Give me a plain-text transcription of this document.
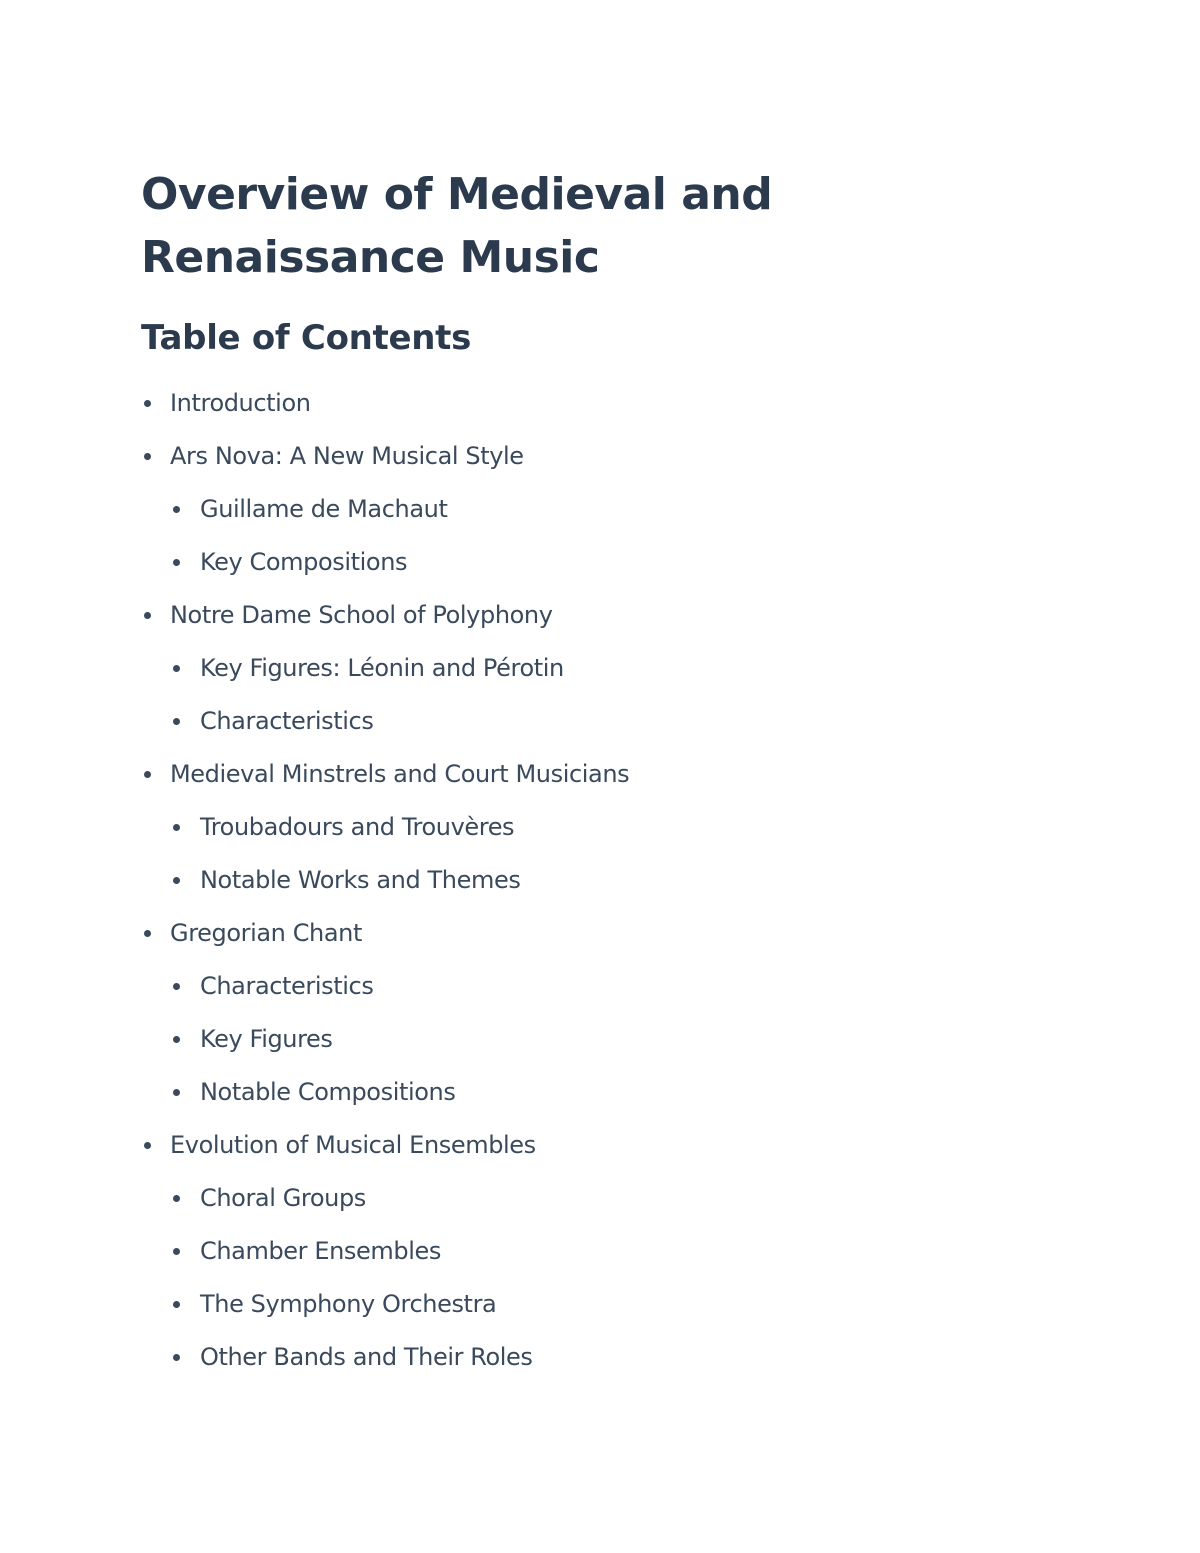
Overview of Medieval and Renaissance Music
Table of Contents
Introduction
Ars Nova: A New Musical Style
Guillame de Machaut
Key Compositions
Notre Dame School of Polyphony
Key Figures: Léonin and Pérotin
Characteristics
Medieval Minstrels and Court Musicians
Troubadours and Trouvères
Notable Works and Themes
Gregorian Chant
Characteristics
Key Figures
Notable Compositions
Evolution of Musical Ensembles
Choral Groups
Chamber Ensembles
The Symphony Orchestra
Other Bands and Their Roles
